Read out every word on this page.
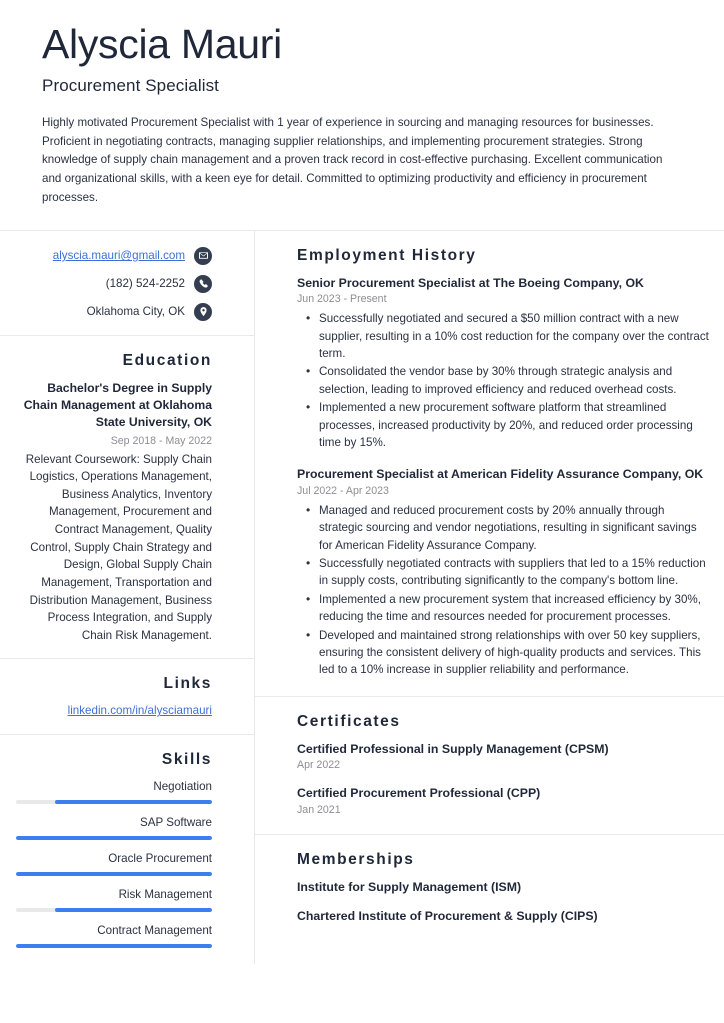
Alyscia Mauri
Procurement Specialist

Highly motivated Procurement Specialist with 1 year of experience in sourcing and managing resources for businesses. Proficient in negotiating contracts, managing supplier relationships, and implementing procurement strategies. Strong knowledge of supply chain management and a proven track record in cost-effective purchasing. Excellent communication and organizational skills, with a keen eye for detail. Committed to optimizing productivity and efficiency in procurement processes.

alyscia.mauri@gmail.com
(182) 524-2252
Oklahoma City, OK
Education
Bachelor's Degree in Supply Chain Management at Oklahoma State University, OK
Sep 2018 - May 2022
Relevant Coursework: Supply Chain Logistics, Operations Management, Business Analytics, Inventory Management, Procurement and Contract Management, Quality Control, Supply Chain Strategy and Design, Global Supply Chain Management, Transportation and Distribution Management, Business Process Integration, and Supply Chain Risk Management.
Links
linkedin.com/in/alysciamauri
Skills
Negotiation
SAP Software
Oracle Procurement
Risk Management
Contract Management
Employment History
Senior Procurement Specialist at The Boeing Company, OK
Jun 2023 - Present
• Successfully negotiated and secured a $50 million contract with a new supplier, resulting in a 10% cost reduction for the company over the contract term.
• Consolidated the vendor base by 30% through strategic analysis and selection, leading to improved efficiency and reduced overhead costs.
• Implemented a new procurement software platform that streamlined processes, increased productivity by 20%, and reduced order processing time by 15%.
Procurement Specialist at American Fidelity Assurance Company, OK
Jul 2022 - Apr 2023
• Managed and reduced procurement costs by 20% annually through strategic sourcing and vendor negotiations, resulting in significant savings for American Fidelity Assurance Company.
• Successfully negotiated contracts with suppliers that led to a 15% reduction in supply costs, contributing significantly to the company's bottom line.
• Implemented a new procurement system that increased efficiency by 30%, reducing the time and resources needed for procurement processes.
• Developed and maintained strong relationships with over 50 key suppliers, ensuring the consistent delivery of high-quality products and services. This led to a 10% increase in supplier reliability and performance.
Certificates
Certified Professional in Supply Management (CPSM)
Apr 2022
Certified Procurement Professional (CPP)
Jan 2021
Memberships
Institute for Supply Management (ISM)
Chartered Institute of Procurement & Supply (CIPS)
